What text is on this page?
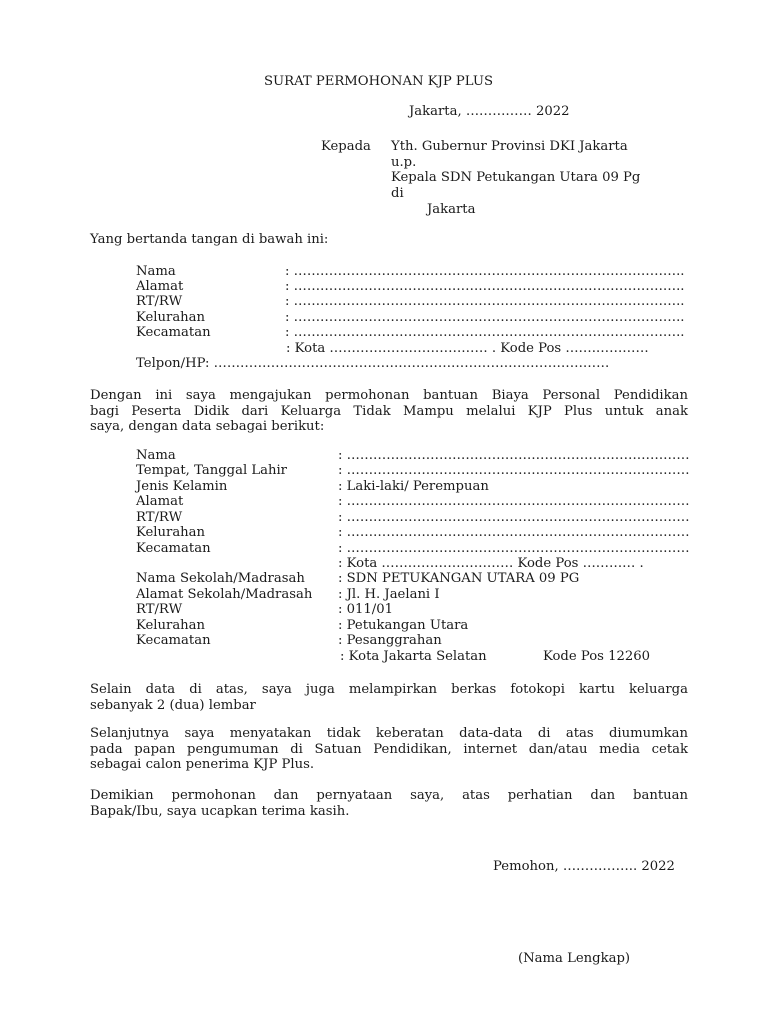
SURAT PERMOHONAN KJP PLUS
Jakarta, …………… 2022
Kepada Yth. Gubernur Provinsi DKI Jakarta
u.p.
Kepala SDN Petukangan Utara 09 Pg
di
Jakarta
Yang bertanda tangan di bawah ini:
Nama	: ……………………………………………………………………………..
Alamat	: ……………………………………………………………………………..
RT/RW	: ……………………………………………………………………………..
Kelurahan	: ……………………………………………………………………………..
Kecamatan	: ……………………………………………………………………………..
: Kota ……………………………… . Kode Pos …….…………
Telpon/HP: ………………………………………………………………………………
Dengan ini saya mengajukan permohonan bantuan Biaya Personal Pendidikan
bagi Peserta Didik dari Keluarga Tidak Mampu melalui KJP Plus untuk anak
saya, dengan data sebagai berikut:
Nama	: ……………………………………………………………………
Tempat, Tanggal Lahir	: ……………………………………………………………………
Jenis Kelamin	: Laki-laki/ Perempuan
Alamat	: ……………………………………………………………………
RT/RW	: ……………………………………………………………………
Kelurahan	: ……………………………………………………………………
Kecamatan	: ……………………………………………………………………
: Kota ………………………… Kode Pos ………… .
Nama Sekolah/Madrasah	: SDN PETUKANGAN UTARA 09 PG
Alamat Sekolah/Madrasah : Jl. H. Jaelani I
RT/RW	: 011/01
Kelurahan	: Petukangan Utara
Kecamatan	: Pesanggrahan
: Kota Jakarta Selatan	Kode Pos 12260
Selain data di atas, saya juga melampirkan berkas fotokopi kartu keluarga
sebanyak 2 (dua) lembar
Selanjutnya saya menyatakan tidak keberatan data-data di atas diumumkan
pada papan pengumuman di Satuan Pendidikan, internet dan/atau media cetak
sebagai calon penerima KJP Plus.
Demikian permohonan dan pernyataan saya, atas perhatian dan bantuan
Bapak/Ibu, saya ucapkan terima kasih.
Pemohon, …………….. 2022
(Nama Lengkap)
